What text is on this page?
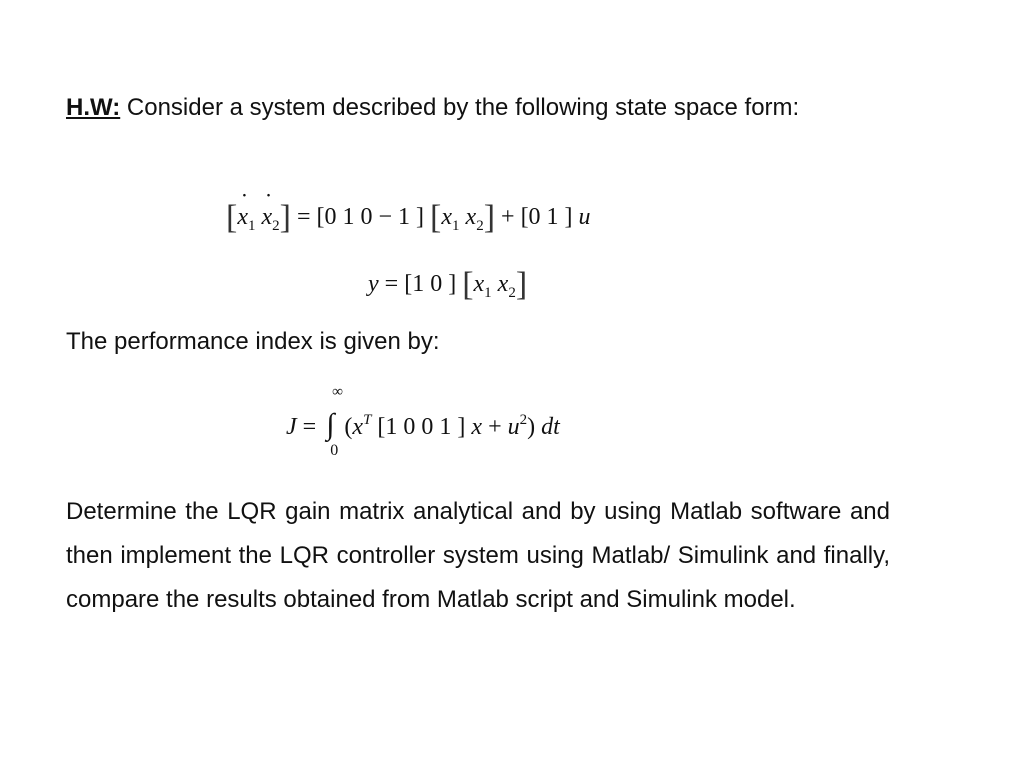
H.W: Consider a system described by the following state space form:

[˙ $x_1˙$ $x_2] = [0$ 1 0 − 1 ] [$x_1$ $x_2] + [0$ 1 ] u
y = [1 0 ] [$x_1$ $x_2$]

The performance index is given by:

J = ∫
∞
0
($x^T$ [1 0 0 1 ] $x + u^2$) dt

Determine the LQR gain matrix analytical and by using Matlab software and then implement the LQR controller system using Matlab/ Simulink and finally, compare the results obtained from Matlab script and Simulink model.
